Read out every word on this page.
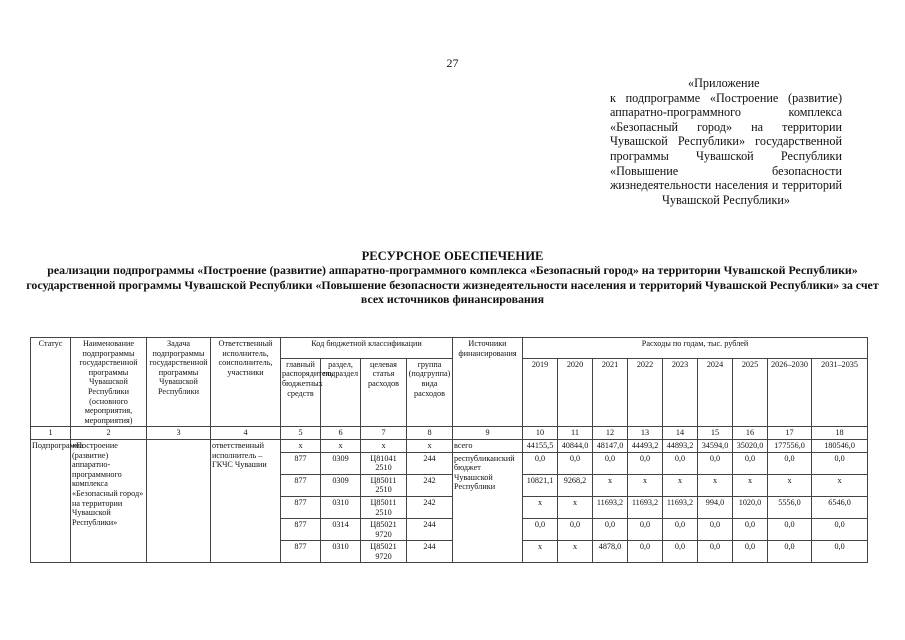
27
«Приложение
к подпрограмме «Построение (развитие) аппаратно-программного комплекса «Безопасный город» на территории Чувашской Республики» государственной программы Чувашской Республики «Повышение безопасности жизнедеятельности населения и территорий Чувашской Республики»
РЕСУРСНОЕ ОБЕСПЕЧЕНИЕ
реализации подпрограммы «Построение (развитие) аппаратно-программного комплекса «Безопасный город» на территории Чувашской Республики» государственной программы Чувашской Республики «Повышение безопасности жизнедеятельности населения и территорий Чувашской Республики» за счет всех источников финансирования
Статус	Наименование подпрограммы государственной программы Чувашской Республики (основного мероприятия, мероприятия)	Задача подпрограммы государственной программы Чувашской Республики	Ответственный исполнитель, соисполнитель, участники	Код бюджетной классификации				Источники финансирования	Расходы по годам, тыс. рублей								
				главный распорядитель бюджетных средств	раздел, подраздел	целевая статья расходов	группа (подгруппа) вида расходов		2019	2020	2021	2022	2023	2024	2025	2026–2030	2031–2035
1	2	3	4	5	6	7	8	9	10	11	12	13	14	15	16	17	18
Подпрограмма	«Построение (развитие) аппаратно-программного комплекса «Безопасный город» на территории Чувашской Республики»		ответственный исполнитель – ГКЧС Чувашии	х	х	х	х	всего	44155,5	40844,0	48147,0	44493,2	44893,2	34594,0	35020,0	177556,0	180546,0
				877	0309	Ц81041 2510	244	республиканский бюджет Чувашской Республики	0,0	0,0	0,0	0,0	0,0	0,0	0,0	0,0	0,0
				877	0309	Ц85011 2510	242		10821,1	9268,2	х	х	х	х	х	х	х
				877	0310	Ц85011 2510	242		х	х	11693,2	11693,2	11693,2	994,0	1020,0	5556,0	6546,0
				877	0314	Ц85021 9720	244		0,0	0,0	0,0	0,0	0,0	0,0	0,0	0,0	0,0
				877	0310	Ц85021 9720	244		х	х	4878,0	0,0	0,0	0,0	0,0	0,0	0,0
